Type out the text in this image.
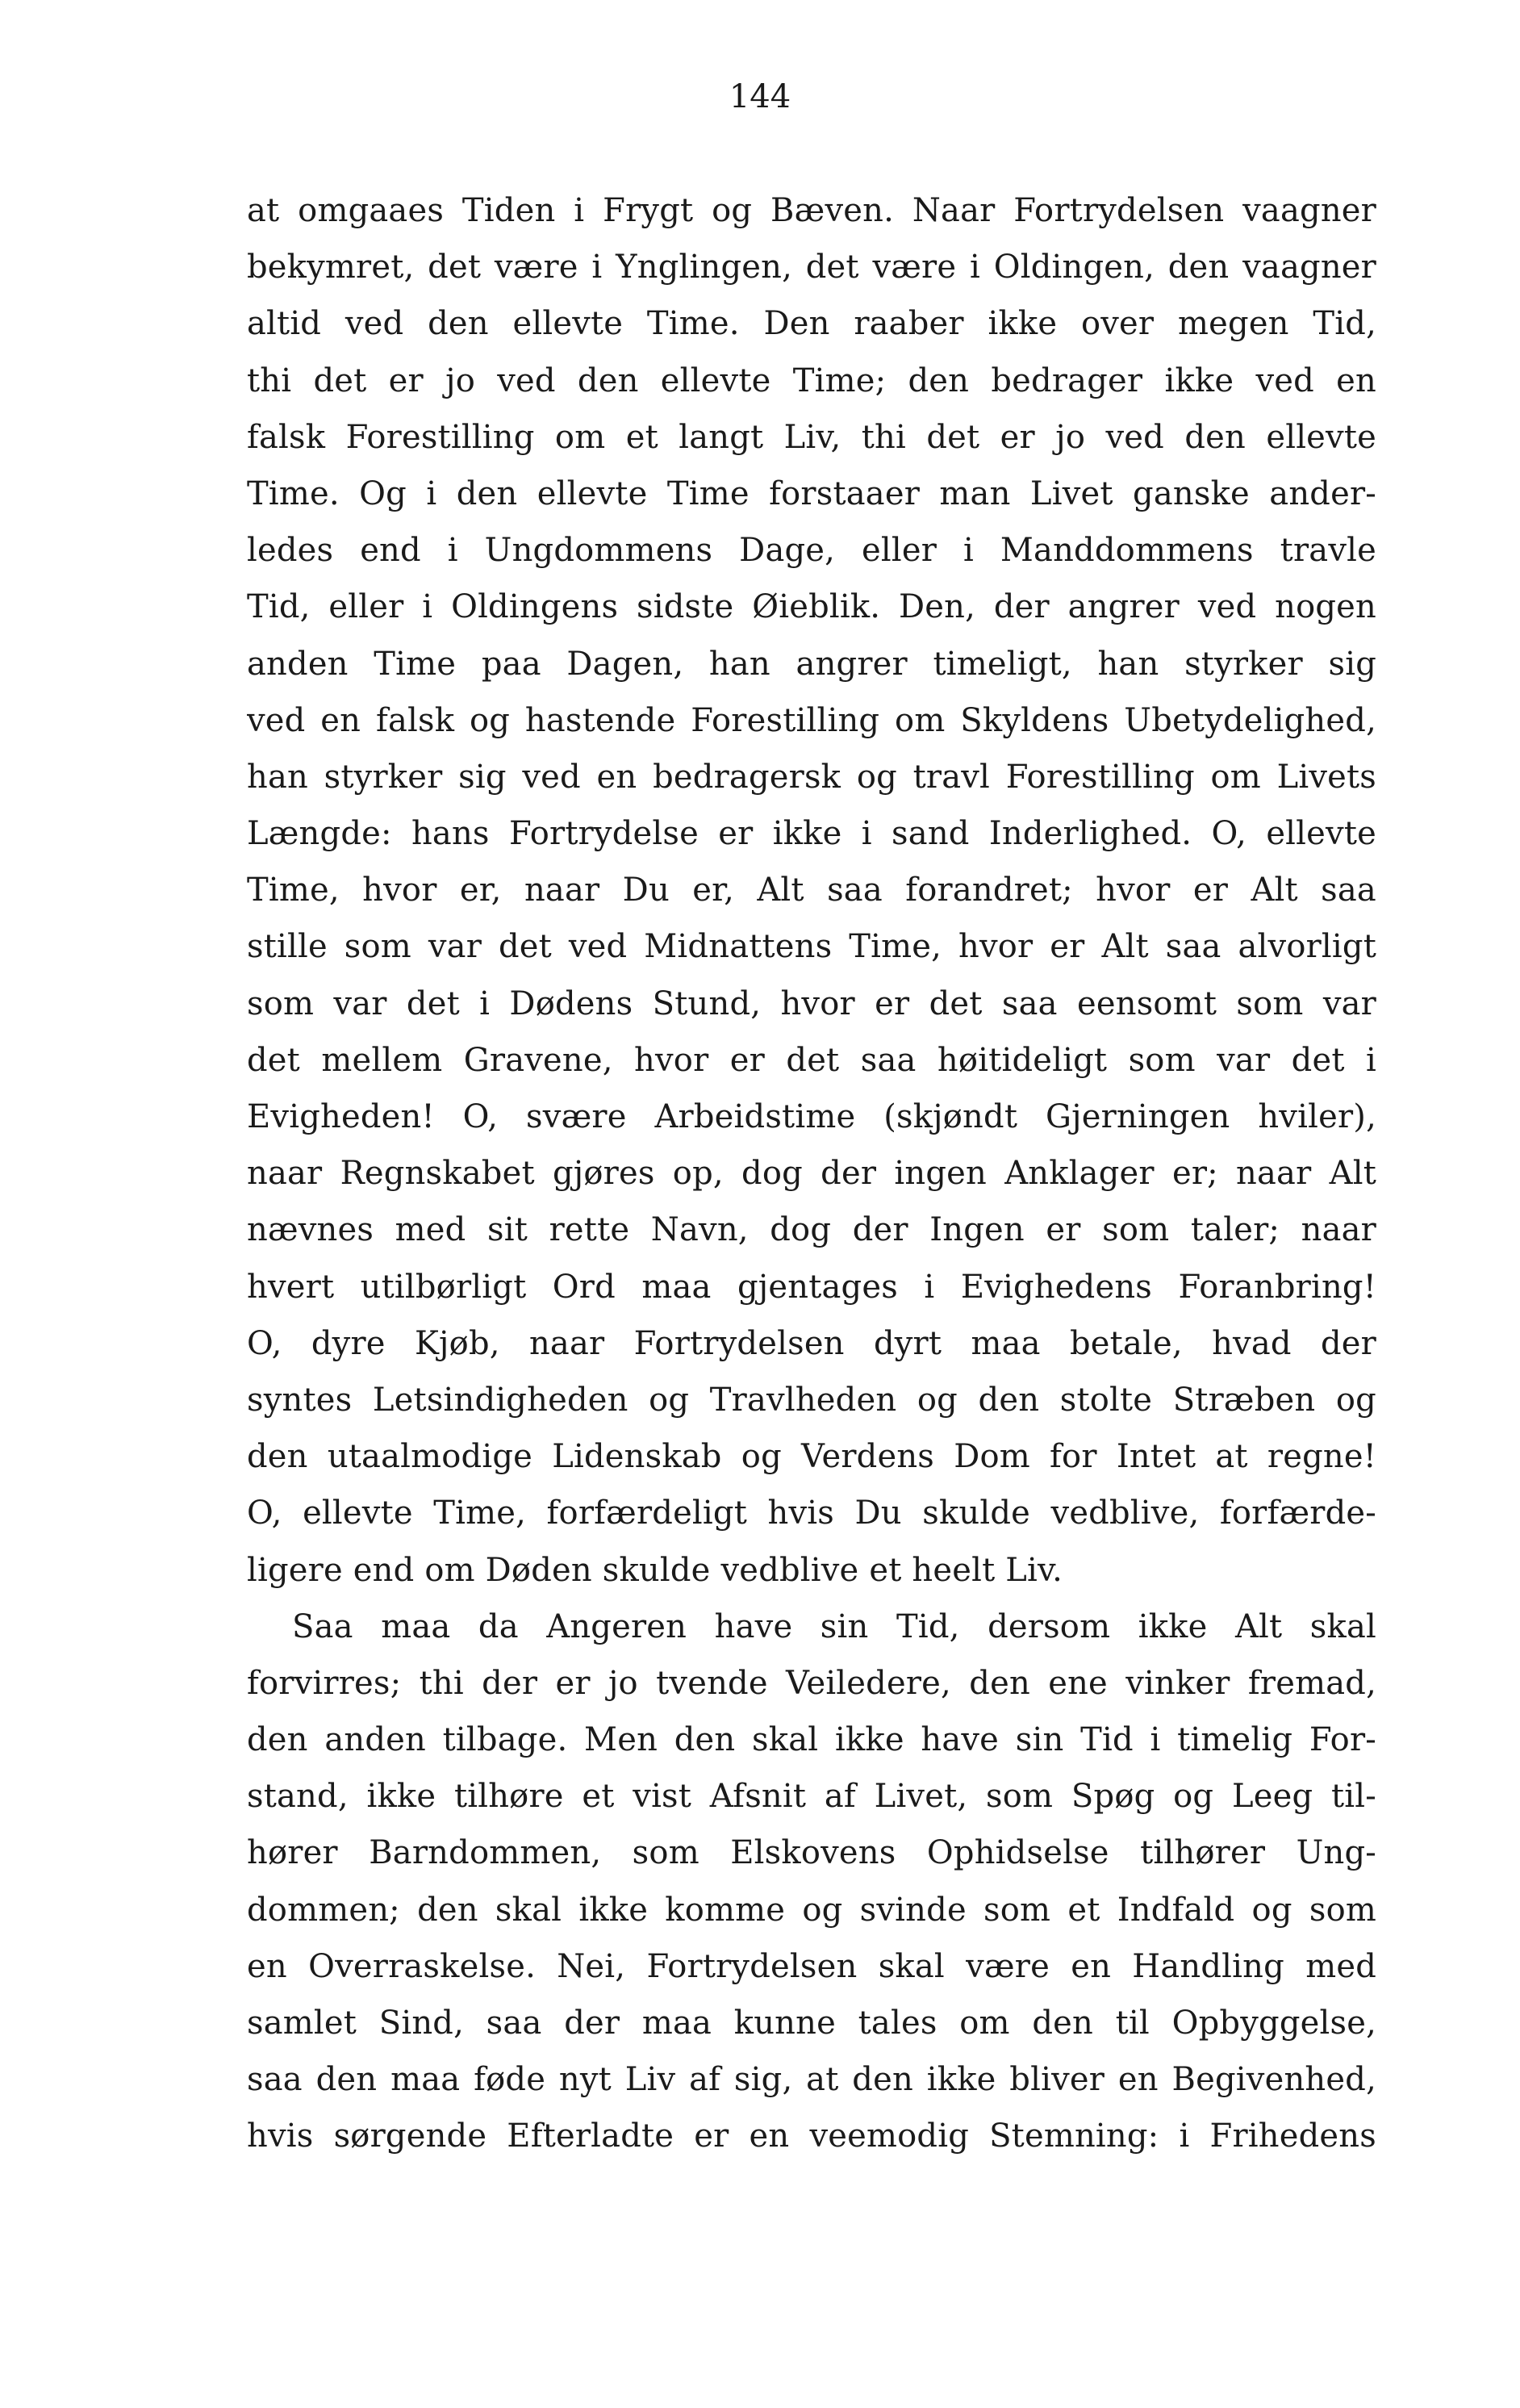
144
at omgaaes Tiden i Frygt og Bæven. Naar Fortrydelsen vaagner
bekymret, det være i Ynglingen, det være i Oldingen, den vaagner
altid ved den ellevte Time. Den raaber ikke over megen Tid,
thi det er jo ved den ellevte Time; den bedrager ikke ved en
falsk Forestilling om et langt Liv, thi det er jo ved den ellevte
Time. Og i den ellevte Time forstaaer man Livet ganske ander-
ledes end i Ungdommens Dage, eller i Manddommens travle
Tid, eller i Oldingens sidste Øieblik. Den, der angrer ved nogen
anden Time paa Dagen, han angrer timeligt, han styrker sig
ved en falsk og hastende Forestilling om Skyldens Ubetydelighed,
han styrker sig ved en bedragersk og travl Forestilling om Livets
Længde: hans Fortrydelse er ikke i sand Inderlighed. O, ellevte
Time, hvor er, naar Du er, Alt saa forandret; hvor er Alt saa
stille som var det ved Midnattens Time, hvor er Alt saa alvorligt
som var det i Dødens Stund, hvor er det saa eensomt som var
det mellem Gravene, hvor er det saa høitideligt som var det i
Evigheden! O, svære Arbeidstime (skjøndt Gjerningen hviler),
naar Regnskabet gjøres op, dog der ingen Anklager er; naar Alt
nævnes med sit rette Navn, dog der Ingen er som taler; naar
hvert utilbørligt Ord maa gjentages i Evighedens Foranbring!
O, dyre Kjøb, naar Fortrydelsen dyrt maa betale, hvad der
syntes Letsindigheden og Travlheden og den stolte Stræben og
den utaalmodige Lidenskab og Verdens Dom for Intet at regne!
O, ellevte Time, forfærdeligt hvis Du skulde vedblive, forfærde-
ligere end om Døden skulde vedblive et heelt Liv.
Saa maa da Angeren have sin Tid, dersom ikke Alt skal
forvirres; thi der er jo tvende Veiledere, den ene vinker fremad,
den anden tilbage. Men den skal ikke have sin Tid i timelig For-
stand, ikke tilhøre et vist Afsnit af Livet, som Spøg og Leeg til-
hører Barndommen, som Elskovens Ophidselse tilhører Ung-
dommen; den skal ikke komme og svinde som et Indfald og som
en Overraskelse. Nei, Fortrydelsen skal være en Handling med
samlet Sind, saa der maa kunne tales om den til Opbyggelse,
saa den maa føde nyt Liv af sig, at den ikke bliver en Begivenhed,
hvis sørgende Efterladte er en veemodig Stemning: i Frihedens
